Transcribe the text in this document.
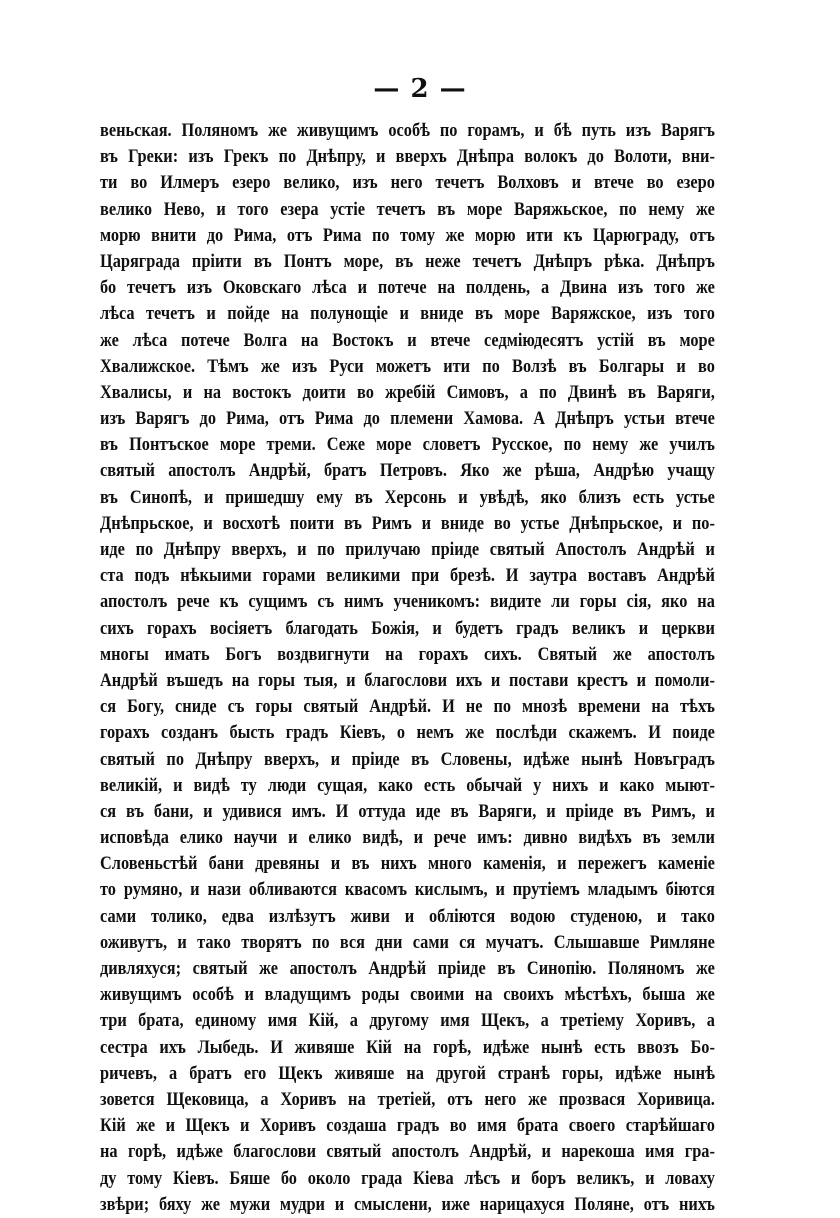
— 2 —
веньская. Поляномъ же живущимъ особѣ по горамъ, и бѣ путь изъ Варягъ
въ Греки: изъ Грекъ по Днѣпру, и вверхъ Днѣпра волокъ до Волоти, вни-
ти во Илмеръ езеро велико, изъ него течетъ Волховъ и втече во езеро
велико Нево, и того езера устіе течетъ въ море Варяжьское, по нему же
морю внити до Рима, отъ Рима по тому же морю ити къ Царюграду, отъ
Царяграда пріити въ Понтъ море, въ неже течетъ Днѣпръ рѣка. Днѣпръ
бо течетъ изъ Оковскаго лѣса и потече на полдень, а Двина изъ того же
лѣса течетъ и пойде на полунощіе и внидe въ море Варяжское, изъ того
же лѣса потече Волга на Востокъ и втече седміюдесятъ устій въ море
Хвалижское. Тѣмъ же изъ Руси можетъ ити по Волзѣ въ Болгары и во
Хвалисы, и на востокъ доити во жребій Симовъ, а по Двинѣ въ Варяги,
изъ Варягъ до Рима, отъ Рима до племени Хамова. А Днѣпръ устьи втече
въ Понтъское море треми. Сеже море словетъ Русское, по нему же училъ
святый апостолъ Андрѣй, братъ Петровъ. Яко же рѣша, Андрѣю учащу
въ Синопѣ, и пришедшу ему въ Херсонь и увѣдѣ, яко близъ есть устье
Днѣпрьское, и восхотѣ поити въ Римъ и внидe во устье Днѣпрьское, и по-
иде по Днѣпру вверхъ, и по прилучаю пріиде святый Апостолъ Андрѣй и
ста подъ нѣкыими горами великими при брезѣ. И заутра воставъ Андрѣй
апостолъ рече къ сущимъ съ нимъ ученикомъ: видите ли горы сія, яко на
сихъ горахъ восіяетъ благодать Божія, и будетъ градъ великъ и церкви
многы имать Богъ воздвигнути на горахъ сихъ. Святый же апостолъ
Андрѣй въшедъ на горы тыя, и благослови ихъ и постави крестъ и помоли-
ся Богу, сниде съ горы святый Андрѣй. И не по мнозѣ времени на тѣхъ
горахъ созданъ бысть градъ Кіевъ, о немъ же послѣди скажемъ. И поиде
святый по Днѣпру вверхъ, и пріиде въ Словены, идѣже нынѣ Новъградъ
великій, и видѣ ту люди сущая, како есть обычай у нихъ и како мыют-
ся въ бани, и удивися имъ. И оттуда иде въ Варяги, и пріиде въ Римъ, и
исповѣда елико научи и елико видѣ, и рече имъ: дивно видѣхъ въ земли
Словеньстѣй бани древяны и въ нихъ много каменія, и пережегъ каменіе
то румяно, и нази обливаются квасомъ кислымъ, и прутіемъ младымъ біются
сами толико, едва излѣзутъ живи и облiются водою студеною, и тако
оживутъ, и тако творятъ по вся дни сами ся мучатъ. Слышавше Римляне
дивляхуся; святый же апостолъ Андрѣй пріиде въ Синопію. Поляномъ же
живущимъ особѣ и владущимъ роды своими на своихъ мѣстѣхъ, быша же
три брата, единому имя Кій, а другому имя Щекъ, а третіему Хоривъ, а
сестра ихъ Лыбедь. И живяше Кій на горѣ, идѣже нынѣ есть ввозъ Бо-
ричевъ, а братъ его Щекъ живяше на другой странѣ горы, идѣже нынѣ
зовется Щековица, а Хоривъ на третiей, отъ него же прозвася Хоривица.
Кій же и Щекъ и Хоривъ создаша градъ во имя брата своего старѣйшаго
на горѣ, идѣже благослови святый апостолъ Андрѣй, и нарекоша имя гра-
ду тому Кіевъ. Бяше бо около града Кіева лѣсъ и боръ великъ, и ловаху
звѣри; бяху же мужи мудри и смыслени, иже нарицахуся Поляне, отъ нихъ
